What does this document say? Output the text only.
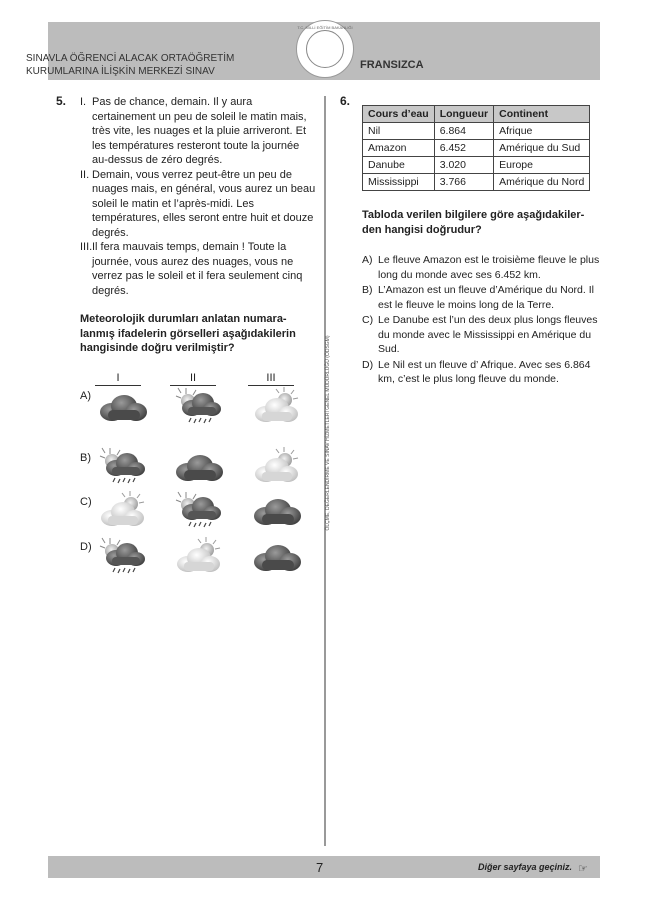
SINAVLA ÖĞRENCİ ALACAK ORTAÖĞRETİM
KURUMLARINA İLİŞKİN MERKEZİ SINAV
FRANSIZCA
T.C. MİLLİ EĞİTİM BAKANLIĞI
ÖLÇME, DEĞERLENDİRME VE SINAV HİZMETLERİ GENEL MÜDÜRLÜĞÜ (ÖDSGM)
5. I. Pas de chance, demain. Il y aura certainement un peu de soleil le matin mais, très vite, les nuages et la pluie arriveront. Et les températures resteront toute la journée au-dessus de zéro degrés.
II. Demain, vous verrez peut-être un peu de nuages mais, en général, vous aurez un beau soleil le matin et l’après-midi. Les températures, elles seront entre huit et douze degrés.
III. Il fera mauvais temps, demain ! Toute la journée, vous aurez des nuages, vous ne verrez pas le soleil et il fera seulement cinq degrés.
Meteorolojik durumları anlatan numara-lanmış ifadelerin görselleri aşağıdakilerin hangisinde doğru verilmiştir?
I	II	III
A)
B)
C)
D)
6.
Cours d’eau	Longueur	Continent
Nil	6.864	Afrique
Amazon	6.452	Amérique du Sud
Danube	3.020	Europe
Mississippi	3.766	Amérique du Nord
Tabloda verilen bilgilere göre aşağıdakiler-den hangisi doğrudur?
A) Le fleuve Amazon est le troisième fleuve le plus long du monde avec ses 6.452 km.
B) L’Amazon est un fleuve d’Amérique du Nord. Il est le fleuve le moins long de la Terre.
C) Le Danube est l’un des deux plus longs fleuves du monde avec le Mississippi en Amérique du Sud.
D) Le Nil est un fleuve d’ Afrique. Avec ses 6.864 km, c’est le plus long fleuve du monde.
7	Diğer sayfaya geçiniz. ☞
